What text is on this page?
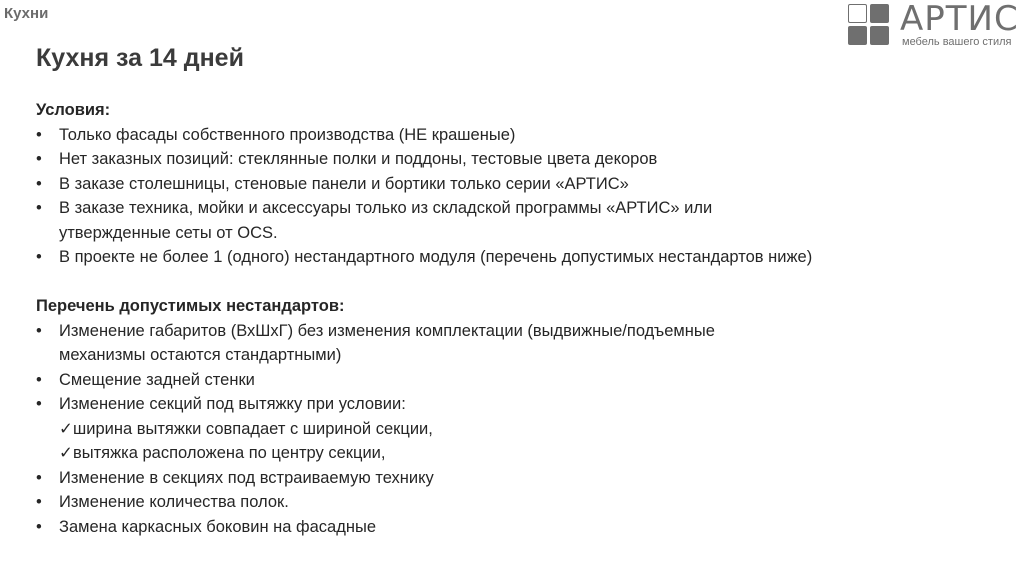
Кухни	АРТИС
мебель вашего стиля
Кухня за 14 дней

Условия:

• Только фасады собственного производства (НЕ крашеные)
• Нет заказных позиций: стеклянные полки и поддоны, тестовые цвета декоров
• В заказе столешницы, стеновые панели и бортики только серии «АРТИС»
• В заказе техника, мойки и аксессуары только из складской программы «АРТИС» или
утвержденные сеты от OCS.
• В проекте не более 1 (одного) нестандартного модуля (перечень допустимых нестандартов ниже)

Перечень допустимых нестандартов:

• Изменение габаритов (ВхШхГ) без изменения комплектации (выдвижные/подъемные
механизмы остаются стандартными)
• Смещение задней стенки
• Изменение секций под вытяжку при условии:
✓ширина вытяжки совпадает с шириной секции,
✓вытяжка расположена по центру секции,
• Изменение в секциях под встраиваемую технику
• Изменение количества полок.
• Замена каркасных боковин на фасадные
